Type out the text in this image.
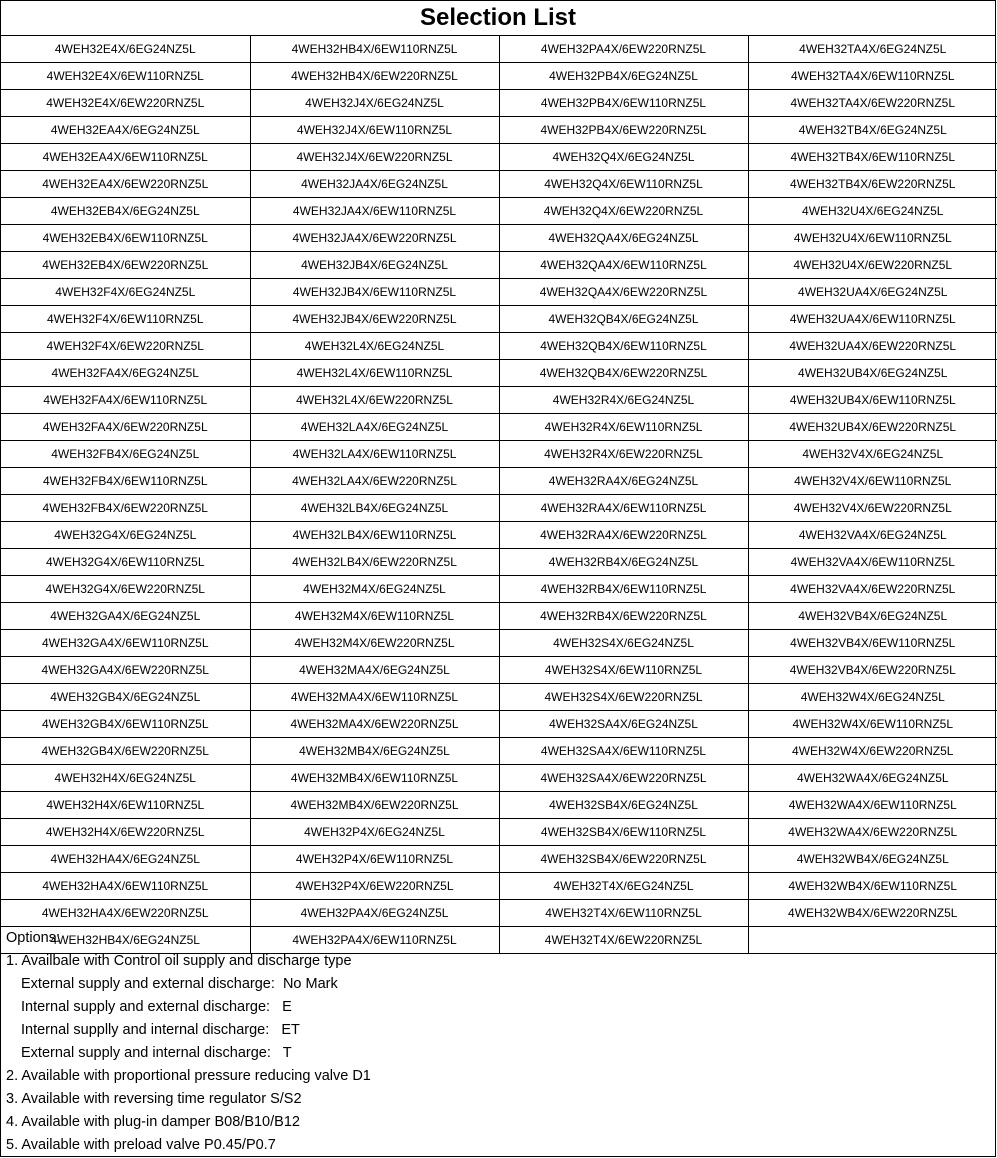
Selection List
4WEH32E4X/6EG24NZ5L	4WEH32HB4X/6EW110RNZ5L	4WEH32PA4X/6EW220RNZ5L	4WEH32TA4X/6EG24NZ5L
4WEH32E4X/6EW110RNZ5L	4WEH32HB4X/6EW220RNZ5L	4WEH32PB4X/6EG24NZ5L	4WEH32TA4X/6EW110RNZ5L
4WEH32E4X/6EW220RNZ5L	4WEH32J4X/6EG24NZ5L	4WEH32PB4X/6EW110RNZ5L	4WEH32TA4X/6EW220RNZ5L
4WEH32EA4X/6EG24NZ5L	4WEH32J4X/6EW110RNZ5L	4WEH32PB4X/6EW220RNZ5L	4WEH32TB4X/6EG24NZ5L
4WEH32EA4X/6EW110RNZ5L	4WEH32J4X/6EW220RNZ5L	4WEH32Q4X/6EG24NZ5L	4WEH32TB4X/6EW110RNZ5L
4WEH32EA4X/6EW220RNZ5L	4WEH32JA4X/6EG24NZ5L	4WEH32Q4X/6EW110RNZ5L	4WEH32TB4X/6EW220RNZ5L
4WEH32EB4X/6EG24NZ5L	4WEH32JA4X/6EW110RNZ5L	4WEH32Q4X/6EW220RNZ5L	4WEH32U4X/6EG24NZ5L
4WEH32EB4X/6EW110RNZ5L	4WEH32JA4X/6EW220RNZ5L	4WEH32QA4X/6EG24NZ5L	4WEH32U4X/6EW110RNZ5L
4WEH32EB4X/6EW220RNZ5L	4WEH32JB4X/6EG24NZ5L	4WEH32QA4X/6EW110RNZ5L	4WEH32U4X/6EW220RNZ5L
4WEH32F4X/6EG24NZ5L	4WEH32JB4X/6EW110RNZ5L	4WEH32QA4X/6EW220RNZ5L	4WEH32UA4X/6EG24NZ5L
4WEH32F4X/6EW110RNZ5L	4WEH32JB4X/6EW220RNZ5L	4WEH32QB4X/6EG24NZ5L	4WEH32UA4X/6EW110RNZ5L
4WEH32F4X/6EW220RNZ5L	4WEH32L4X/6EG24NZ5L	4WEH32QB4X/6EW110RNZ5L	4WEH32UA4X/6EW220RNZ5L
4WEH32FA4X/6EG24NZ5L	4WEH32L4X/6EW110RNZ5L	4WEH32QB4X/6EW220RNZ5L	4WEH32UB4X/6EG24NZ5L
4WEH32FA4X/6EW110RNZ5L	4WEH32L4X/6EW220RNZ5L	4WEH32R4X/6EG24NZ5L	4WEH32UB4X/6EW110RNZ5L
4WEH32FA4X/6EW220RNZ5L	4WEH32LA4X/6EG24NZ5L	4WEH32R4X/6EW110RNZ5L	4WEH32UB4X/6EW220RNZ5L
4WEH32FB4X/6EG24NZ5L	4WEH32LA4X/6EW110RNZ5L	4WEH32R4X/6EW220RNZ5L	4WEH32V4X/6EG24NZ5L
4WEH32FB4X/6EW110RNZ5L	4WEH32LA4X/6EW220RNZ5L	4WEH32RA4X/6EG24NZ5L	4WEH32V4X/6EW110RNZ5L
4WEH32FB4X/6EW220RNZ5L	4WEH32LB4X/6EG24NZ5L	4WEH32RA4X/6EW110RNZ5L	4WEH32V4X/6EW220RNZ5L
4WEH32G4X/6EG24NZ5L	4WEH32LB4X/6EW110RNZ5L	4WEH32RA4X/6EW220RNZ5L	4WEH32VA4X/6EG24NZ5L
4WEH32G4X/6EW110RNZ5L	4WEH32LB4X/6EW220RNZ5L	4WEH32RB4X/6EG24NZ5L	4WEH32VA4X/6EW110RNZ5L
4WEH32G4X/6EW220RNZ5L	4WEH32M4X/6EG24NZ5L	4WEH32RB4X/6EW110RNZ5L	4WEH32VA4X/6EW220RNZ5L
4WEH32GA4X/6EG24NZ5L	4WEH32M4X/6EW110RNZ5L	4WEH32RB4X/6EW220RNZ5L	4WEH32VB4X/6EG24NZ5L
4WEH32GA4X/6EW110RNZ5L	4WEH32M4X/6EW220RNZ5L	4WEH32S4X/6EG24NZ5L	4WEH32VB4X/6EW110RNZ5L
4WEH32GA4X/6EW220RNZ5L	4WEH32MA4X/6EG24NZ5L	4WEH32S4X/6EW110RNZ5L	4WEH32VB4X/6EW220RNZ5L
4WEH32GB4X/6EG24NZ5L	4WEH32MA4X/6EW110RNZ5L	4WEH32S4X/6EW220RNZ5L	4WEH32W4X/6EG24NZ5L
4WEH32GB4X/6EW110RNZ5L	4WEH32MA4X/6EW220RNZ5L	4WEH32SA4X/6EG24NZ5L	4WEH32W4X/6EW110RNZ5L
4WEH32GB4X/6EW220RNZ5L	4WEH32MB4X/6EG24NZ5L	4WEH32SA4X/6EW110RNZ5L	4WEH32W4X/6EW220RNZ5L
4WEH32H4X/6EG24NZ5L	4WEH32MB4X/6EW110RNZ5L	4WEH32SA4X/6EW220RNZ5L	4WEH32WA4X/6EG24NZ5L
4WEH32H4X/6EW110RNZ5L	4WEH32MB4X/6EW220RNZ5L	4WEH32SB4X/6EG24NZ5L	4WEH32WA4X/6EW110RNZ5L
4WEH32H4X/6EW220RNZ5L	4WEH32P4X/6EG24NZ5L	4WEH32SB4X/6EW110RNZ5L	4WEH32WA4X/6EW220RNZ5L
4WEH32HA4X/6EG24NZ5L	4WEH32P4X/6EW110RNZ5L	4WEH32SB4X/6EW220RNZ5L	4WEH32WB4X/6EG24NZ5L
4WEH32HA4X/6EW110RNZ5L	4WEH32P4X/6EW220RNZ5L	4WEH32T4X/6EG24NZ5L	4WEH32WB4X/6EW110RNZ5L
4WEH32HA4X/6EW220RNZ5L	4WEH32PA4X/6EG24NZ5L	4WEH32T4X/6EW110RNZ5L	4WEH32WB4X/6EW220RNZ5L
4WEH32HB4X/6EG24NZ5L	4WEH32PA4X/6EW110RNZ5L	4WEH32T4X/6EW220RNZ5L	
Options:
1. Availbale with Control oil supply and discharge type
External supply and external discharge:  No Mark
Internal supply and external discharge:   E
Internal supplly and internal discharge:   ET
External supply and internal discharge:   T
2. Available with proportional pressure reducing valve D1
3. Available with reversing time regulator S/S2
4. Available with plug-in damper B08/B10/B12
5. Available with preload valve P0.45/P0.7
